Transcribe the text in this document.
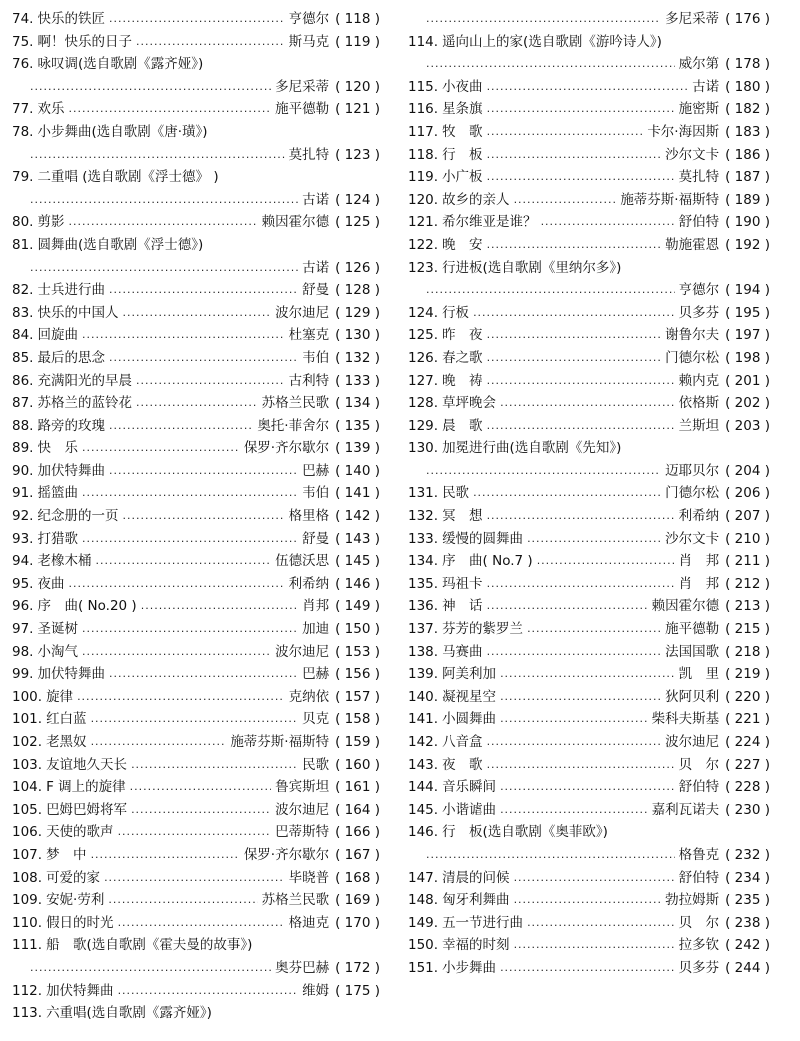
74. 快乐的铁匠 .....	亨德尔 ( 118 )
75. 啊！快乐的日子 .....	斯马克 ( 119 )
76. 咏叹调(选自歌剧《露齐娅》)
.....
多尼采蒂 ( 120 )
77. 欢乐 .....	施平德勒 ( 121 )
78. 小步舞曲(选自歌剧《唐·璜》)
.....
莫扎特 ( 123 )
79. 二重唱 (选自歌剧《浮士德》 )
.....
古诺 ( 124 )
80. 剪影 .....	赖因霍尔德 ( 125 )
81. 圆舞曲(选自歌剧《浮士德》)
.....
古诺 ( 126 )
82. 士兵进行曲 .....	舒曼 ( 128 )
83. 快乐的中国人 .....	波尔迪尼 ( 129 )
84. 回旋曲 .....	杜塞克 ( 130 )
85. 最后的思念 .....	韦伯 ( 132 )
86. 充满阳光的早晨 .....	古利特 ( 133 )
87. 苏格兰的蓝铃花 .....	苏格兰民歌 ( 134 )
88. 路旁的玫瑰 .....	奥托·菲舍尔 ( 135 )
89. 快　乐 .....	保罗·齐尔歇尔 ( 139 )
90. 加伏特舞曲 .....	巴赫 ( 140 )
91. 摇篮曲 .....	韦伯 ( 141 )
92. 纪念册的一页 .....	格里格 ( 142 )
93. 打猎歌 .....	舒曼 ( 143 )
94. 老橡木桶 .....	伍德沃思 ( 145 )
95. 夜曲 .....	利希纳 ( 146 )
96. 序　曲( No.20 ) .....	肖邦 ( 149 )
97. 圣诞树 .....	加迪 ( 150 )
98. 小淘气 .....	波尔迪尼 ( 153 )
99. 加伏特舞曲 .....	巴赫 ( 156 )
100. 旋律 .....	克纳依 ( 157 )
101. 红白蓝 .....	贝克 ( 158 )
102. 老黑奴 .....	施蒂芬斯·福斯特 ( 159 )
103. 友谊地久天长 .....	民歌 ( 160 )
104. F 调上的旋律 .....	鲁宾斯坦 ( 161 )
105. 巴姆巴姆将军 .....	波尔迪尼 ( 164 )
106. 天使的歌声 .....	巴蒂斯特 ( 166 )
107. 梦　中 .....	保罗·齐尔歇尔 ( 167 )
108. 可爱的家 .....	毕晓普 ( 168 )
109. 安妮·劳利 .....	苏格兰民歌 ( 169 )
110. 假日的时光 .....	格迪克 ( 170 )
111. 船　歌(选自歌剧《霍夫曼的故事》)
.....
奥芬巴赫 ( 172 )
112. 加伏特舞曲 .....	维姆 ( 175 )
113. 六重唱(选自歌剧《露齐娅》)
.....
多尼采蒂 ( 176 )
114. 遥向山上的家(选自歌剧《游吟诗人》)
.....
威尔第 ( 178 )
115. 小夜曲 .....	古诺 ( 180 )
116. 星条旗 .....	施密斯 ( 182 )
117. 牧　歌 .....	卡尔·海因斯 ( 183 )
118. 行　板 .....	沙尔文卡 ( 186 )
119. 小广板 .....	莫扎特 ( 187 )
120. 故乡的亲人 .....	施蒂芬斯·福斯特 ( 189 )
121. 希尔维亚是谁？ .....	舒伯特 ( 190 )
122. 晚　安 .....	勒施霍恩 ( 192 )
123. 行进板(选自歌剧《里纳尔多》)
.....
亨德尔 ( 194 )
124. 行板 .....	贝多芬 ( 195 )
125. 昨　夜 .....	谢鲁尔夫 ( 197 )
126. 春之歌 .....	门德尔松 ( 198 )
127. 晚　祷 .....	赖内克 ( 201 )
128. 草坪晚会 .....	依格斯 ( 202 )
129. 晨　歌 .....	兰斯坦 ( 203 )
130. 加冕进行曲(选自歌剧《先知》)
.....
迈耶贝尔 ( 204 )
131. 民歌 .....	门德尔松 ( 206 )
132. 冥　想 .....	利希纳 ( 207 )
133. 缓慢的圆舞曲 .....	沙尔文卡 ( 210 )
134. 序　曲( No.7 ) .....	肖　邦 ( 211 )
135. 玛祖卡 .....	肖　邦 ( 212 )
136. 神　话 .....	赖因霍尔德 ( 213 )
137. 芬芳的紫罗兰 .....	施平德勒 ( 215 )
138. 马赛曲 .....	法国国歌 ( 218 )
139. 阿美利加 .....	凯　里 ( 219 )
140. 凝视星空 .....	狄阿贝利 ( 220 )
141. 小圆舞曲 .....	柴科夫斯基 ( 221 )
142. 八音盒 .....	波尔迪尼 ( 224 )
143. 夜　歌 .....	贝　尔 ( 227 )
144. 音乐瞬间 .....	舒伯特 ( 228 )
145. 小谐谑曲 .....	嘉利瓦诺夫 ( 230 )
146. 行　板(选自歌剧《奥菲欧》)
.....
格鲁克 ( 232 )
147. 清晨的问候 .....	舒伯特 ( 234 )
148. 匈牙利舞曲 .....	勃拉姆斯 ( 235 )
149. 五一节进行曲 .....	贝　尔 ( 238 )
150. 幸福的时刻 .....	拉多钦 ( 242 )
151. 小步舞曲 .....	贝多芬 ( 244 )
